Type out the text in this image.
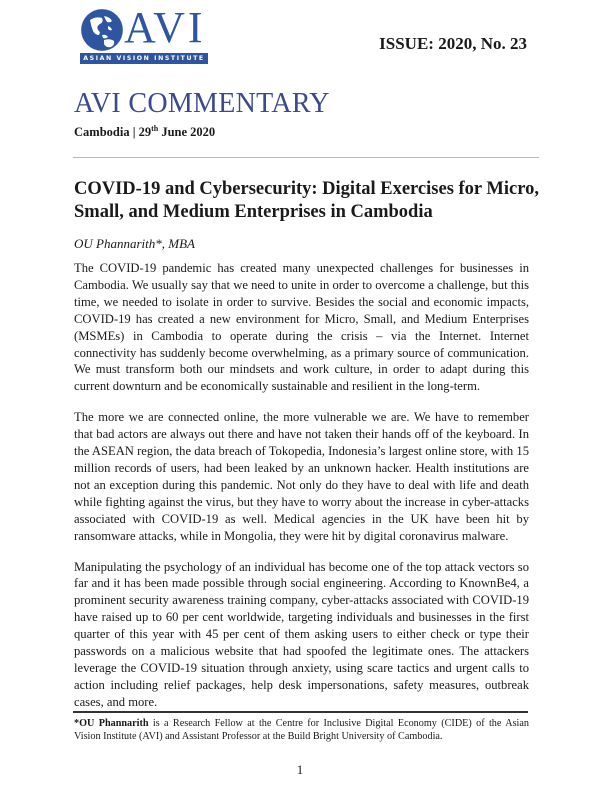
AVI
ASIAN VISION INSTITUTE
ISSUE: 2020, No. 23
AVI COMMENTARY
Cambodia | 29th June 2020
COVID-19 and Cybersecurity: Digital Exercises for Micro, Small, and Medium Enterprises in Cambodia
OU Phannarith*, MBA

The COVID-19 pandemic has created many unexpected challenges for businesses in Cambodia. We usually say that we need to unite in order to overcome a challenge, but this time, we needed to isolate in order to survive. Besides the social and economic impacts, COVID-19 has created a new environment for Micro, Small, and Medium Enterprises (MSMEs) in Cambodia to operate during the crisis – via the Internet. Internet connectivity has suddenly become overwhelming, as a primary source of communication. We must transform both our mindsets and work culture, in order to adapt during this current downturn and be economically sustainable and resilient in the long-term.

The more we are connected online, the more vulnerable we are. We have to remember that bad actors are always out there and have not taken their hands off of the keyboard. In the ASEAN region, the data breach of Tokopedia, Indonesia’s largest online store, with 15 million records of users, had been leaked by an unknown hacker. Health institutions are not an exception during this pandemic. Not only do they have to deal with life and death while fighting against the virus, but they have to worry about the increase in cyber-attacks associated with COVID-19 as well. Medical agencies in the UK have been hit by ransomware attacks, while in Mongolia, they were hit by digital coronavirus malware.

Manipulating the psychology of an individual has become one of the top attack vectors so far and it has been made possible through social engineering. According to KnownBe4, a prominent security awareness training company, cyber-attacks associated with COVID-19 have raised up to 60 per cent worldwide, targeting individuals and businesses in the first quarter of this year with 45 per cent of them asking users to either check or type their passwords on a malicious website that had spoofed the legitimate ones. The attackers leverage the COVID-19 situation through anxiety, using scare tactics and urgent calls to action including relief packages, help desk impersonations, safety measures, outbreak cases, and more.

*OU Phannarith is a Research Fellow at the Centre for Inclusive Digital Economy (CIDE) of the Asian Vision Institute (AVI) and Assistant Professor at the Build Bright University of Cambodia.
1
